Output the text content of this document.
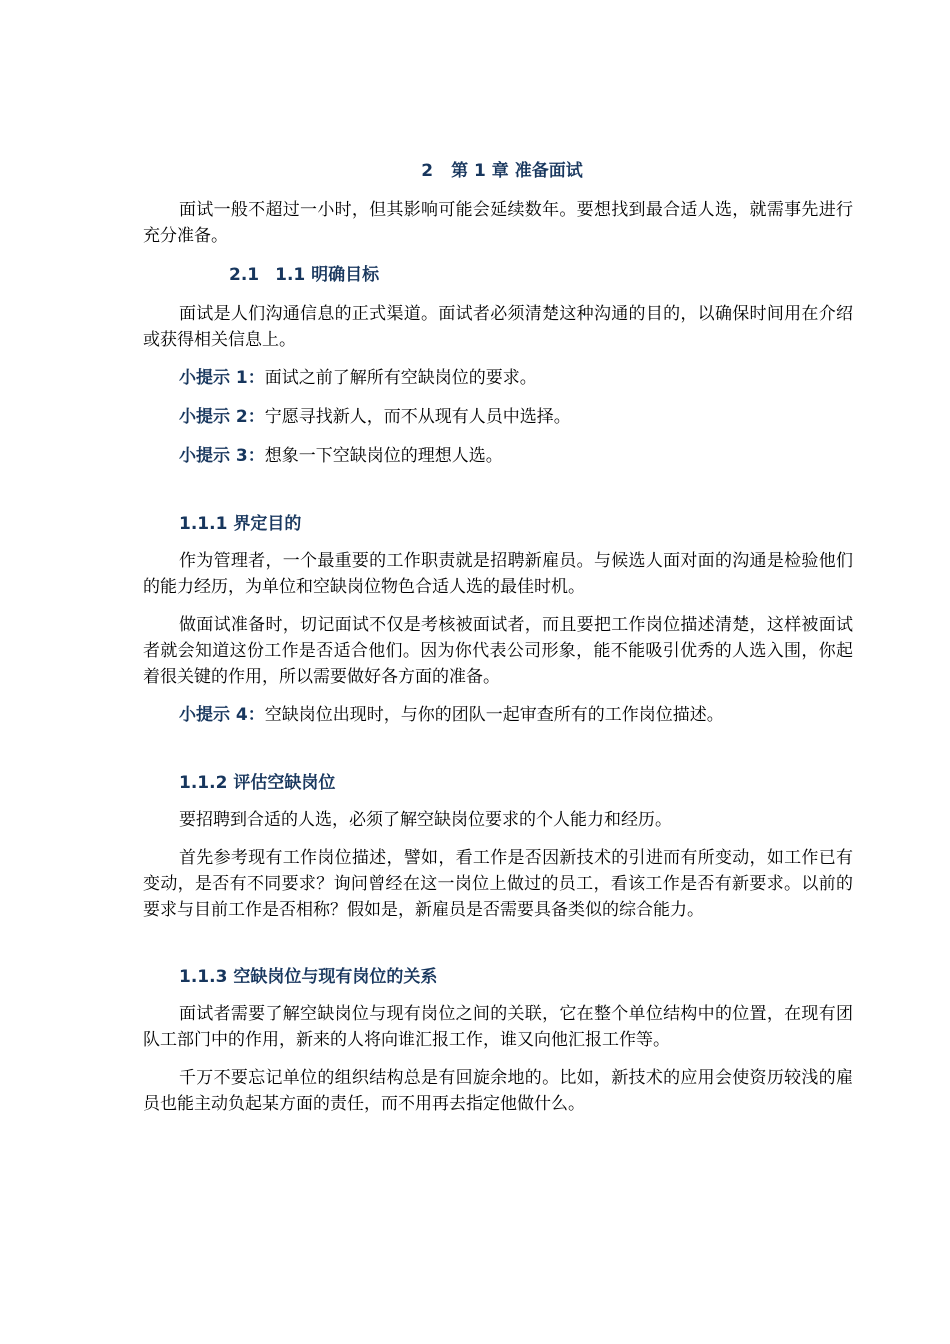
2 第 1 章 准备面试

面试一般不超过一小时，但其影响可能会延续数年。要想找到最合适人选，就需事先进行充分准备。

2.1 1.1 明确目标

面试是人们沟通信息的正式渠道。面试者必须清楚这种沟通的目的，以确保时间用在介绍或获得相关信息上。

小提示 1：面试之前了解所有空缺岗位的要求。
小提示 2：宁愿寻找新人，而不从现有人员中选择。
小提示 3：想象一下空缺岗位的理想人选。
1.1.1 界定目的

作为管理者，一个最重要的工作职责就是招聘新雇员。与候选人面对面的沟通是检验他们的能力经历，为单位和空缺岗位物色合适人选的最佳时机。

做面试准备时，切记面试不仅是考核被面试者，而且要把工作岗位描述清楚，这样被面试者就会知道这份工作是否适合他们。因为你代表公司形象，能不能吸引优秀的人选入围，你起着很关键的作用，所以需要做好各方面的准备。

小提示 4：空缺岗位出现时，与你的团队一起审查所有的工作岗位描述。
1.1.2 评估空缺岗位

要招聘到合适的人选，必须了解空缺岗位要求的个人能力和经历。

首先参考现有工作岗位描述，譬如，看工作是否因新技术的引进而有所变动，如工作已有变动，是否有不同要求？询问曾经在这一岗位上做过的员工，看该工作是否有新要求。以前的要求与目前工作是否相称？假如是，新雇员是否需要具备类似的综合能力。

1.1.3 空缺岗位与现有岗位的关系

面试者需要了解空缺岗位与现有岗位之间的关联，它在整个单位结构中的位置，在现有团队工部门中的作用，新来的人将向谁汇报工作，谁又向他汇报工作等。

千万不要忘记单位的组织结构总是有回旋余地的。比如，新技术的应用会使资历较浅的雇员也能主动负起某方面的责任，而不用再去指定他做什么。
